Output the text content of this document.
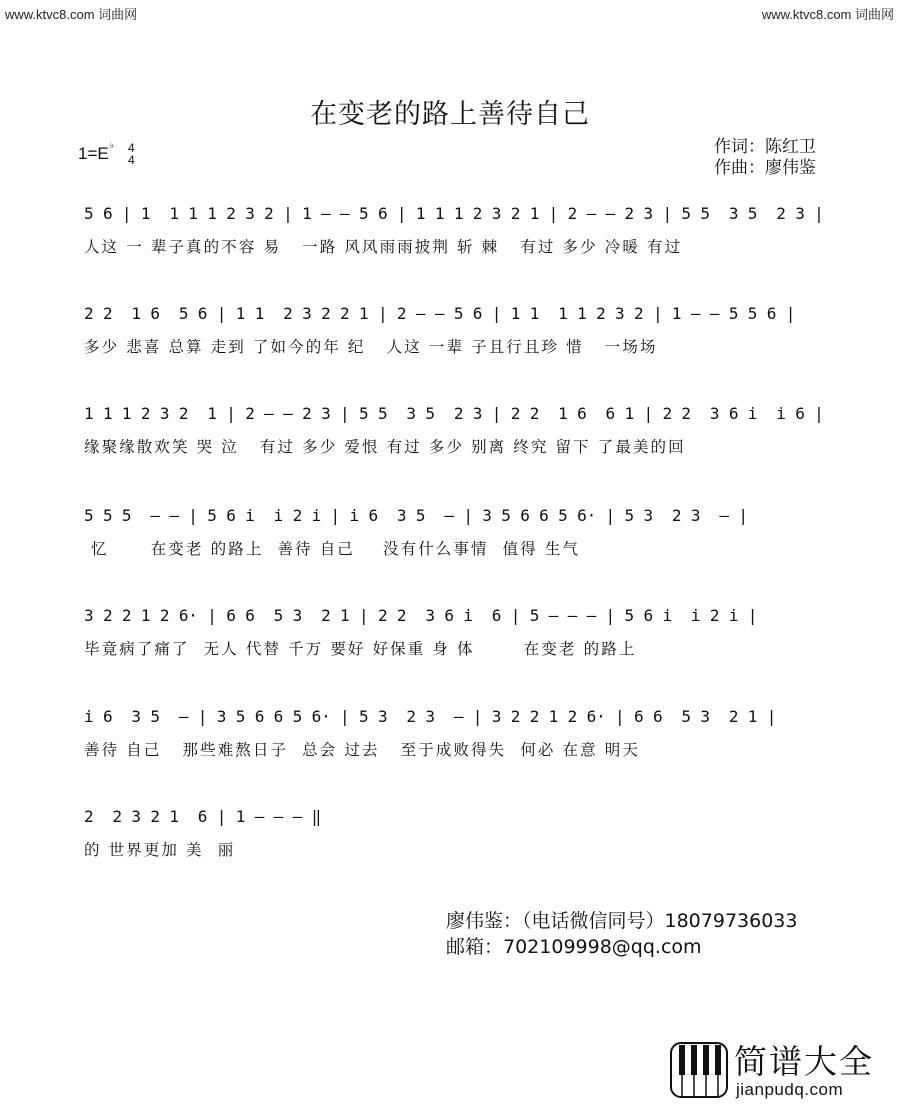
www.ktvc8.com 词曲网	www.ktvc8.com 词曲网
在变老的路上善待自己
1=E♭ 4
4
作词：陈红卫
作曲：廖伟鉴
5 6 | 1  1 1 1 2 3 2 | 1 — — 5 6 | 1 1 1 2 3 2 1 | 2 — — 2 3 | 5 5  3 5  2 3 |
人这 一 辈子真的不容 易   一路 风风雨雨披荆 斩 棘   有过 多少 冷暖 有过
2 2  1 6  5 6 | 1 1  2 3 2 2 1 | 2 — — 5 6 | 1 1  1 1 2 3 2 | 1 — — 5 5 6 |
多少 悲喜 总算 走到 了如今的年 纪   人这 一辈 子且行且珍 惜   一场场
1 1 1 2 3 2  1 | 2 — — 2 3 | 5 5  3 5  2 3 | 2 2  1 6  6 1 | 2 2  3 6 i  i 6 |
缘聚缘散欢笑 哭 泣   有过 多少 爱恨 有过 多少 别离 终究 留下 了最美的回
5 5 5  — — | 5 6 i  i 2 i | i 6  3 5  — | 3 5 6 6 5 6· | 5 3  2 3  — |
忆      在变老 的路上  善待 自己    没有什么事情  值得 生气
3 2 2 1 2 6· | 6 6  5 3  2 1 | 2 2  3 6 i  6 | 5 — — — | 5 6 i  i 2 i |
毕竟病了痛了  无人 代替 千万 要好 好保重 身 体       在变老 的路上
i 6  3 5  — | 3 5 6 6 5 6· | 5 3  2 3  — | 3 2 2 1 2 6· | 6 6  5 3  2 1 |
善待 自己   那些难熬日子  总会 过去   至于成败得失  何必 在意 明天
2  2 3 2 1  6 | 1 — — — ‖
的 世界更加 美  丽
廖伟鉴：（电话微信同号）18079736033
邮箱：702109998@qq.com
简谱大全
jianpudq.com
